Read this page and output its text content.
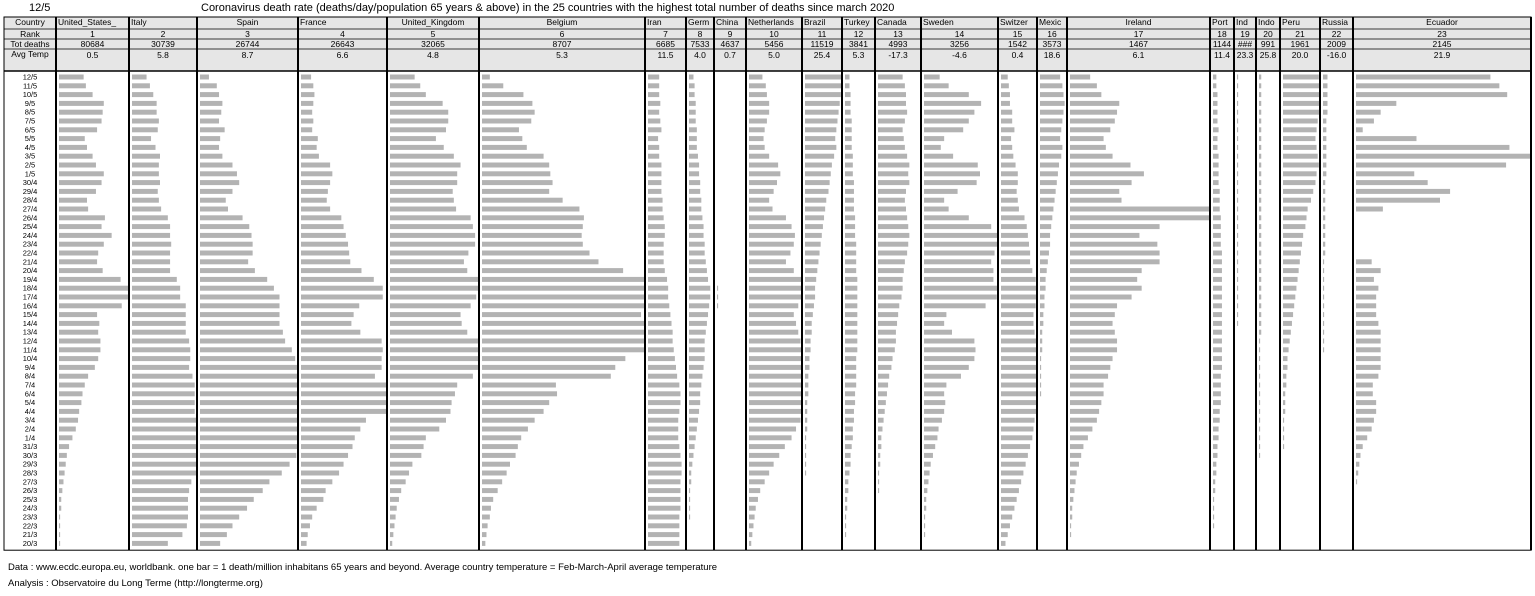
12/5	Coronavirus death rate (deaths/day/population 65 years & above) in the 25 countries with the highest total number of deaths since march 2020
Country
Rank
Tot deaths
Avg Temp
United_States_
1
80684
0.5
Italy
2
30739
5.8
Spain
3
26744
8.7
France
4
26643
6.6
United_Kingdom
5
32065
4.8
Belgium
6
8707
5.3
Iran
7
6685
11.5
Germ
8
7533
4.0
China
9
4637
0.7
Netherlands
10
5456
5.0
Brazil
11
11519
25.4
Turkey
12
3841
5.3
Canada
13
4993
-17.3
Sweden
14
3256
-4.6
Switzer
15
1542
0.4
Mexic
16
3573
18.6
Ireland
17
1467
6.1
Port
18
1144
11.4
Ind
19
###
23.3
Indo
20
991
25.8
Peru
21
1961
20.0
Russia
22
2009
-16.0
Ecuador
23
2145
21.9
12/5
11/5
10/5
9/5
8/5
7/5
6/5
5/5
4/5
3/5
2/5
1/5
30/4
29/4
28/4
27/4
26/4
25/4
24/4
23/4
22/4
21/4
20/4
19/4
18/4
17/4
16/4
15/4
14/4
13/4
12/4
11/4
10/4
9/4
8/4
7/4
6/4
5/4
4/4
3/4
2/4
1/4
31/3
30/3
29/3
28/3
27/3
26/3
25/3
24/3
23/3
22/3
21/3
20/3
Data : www.ecdc.europa.eu, worldbank. one bar = 1 death/million inhabitans 65 years and beyond. Average country temperature = Feb-March-April average temperature
Analysis : Observatoire du Long Terme (http://longterme.org)
